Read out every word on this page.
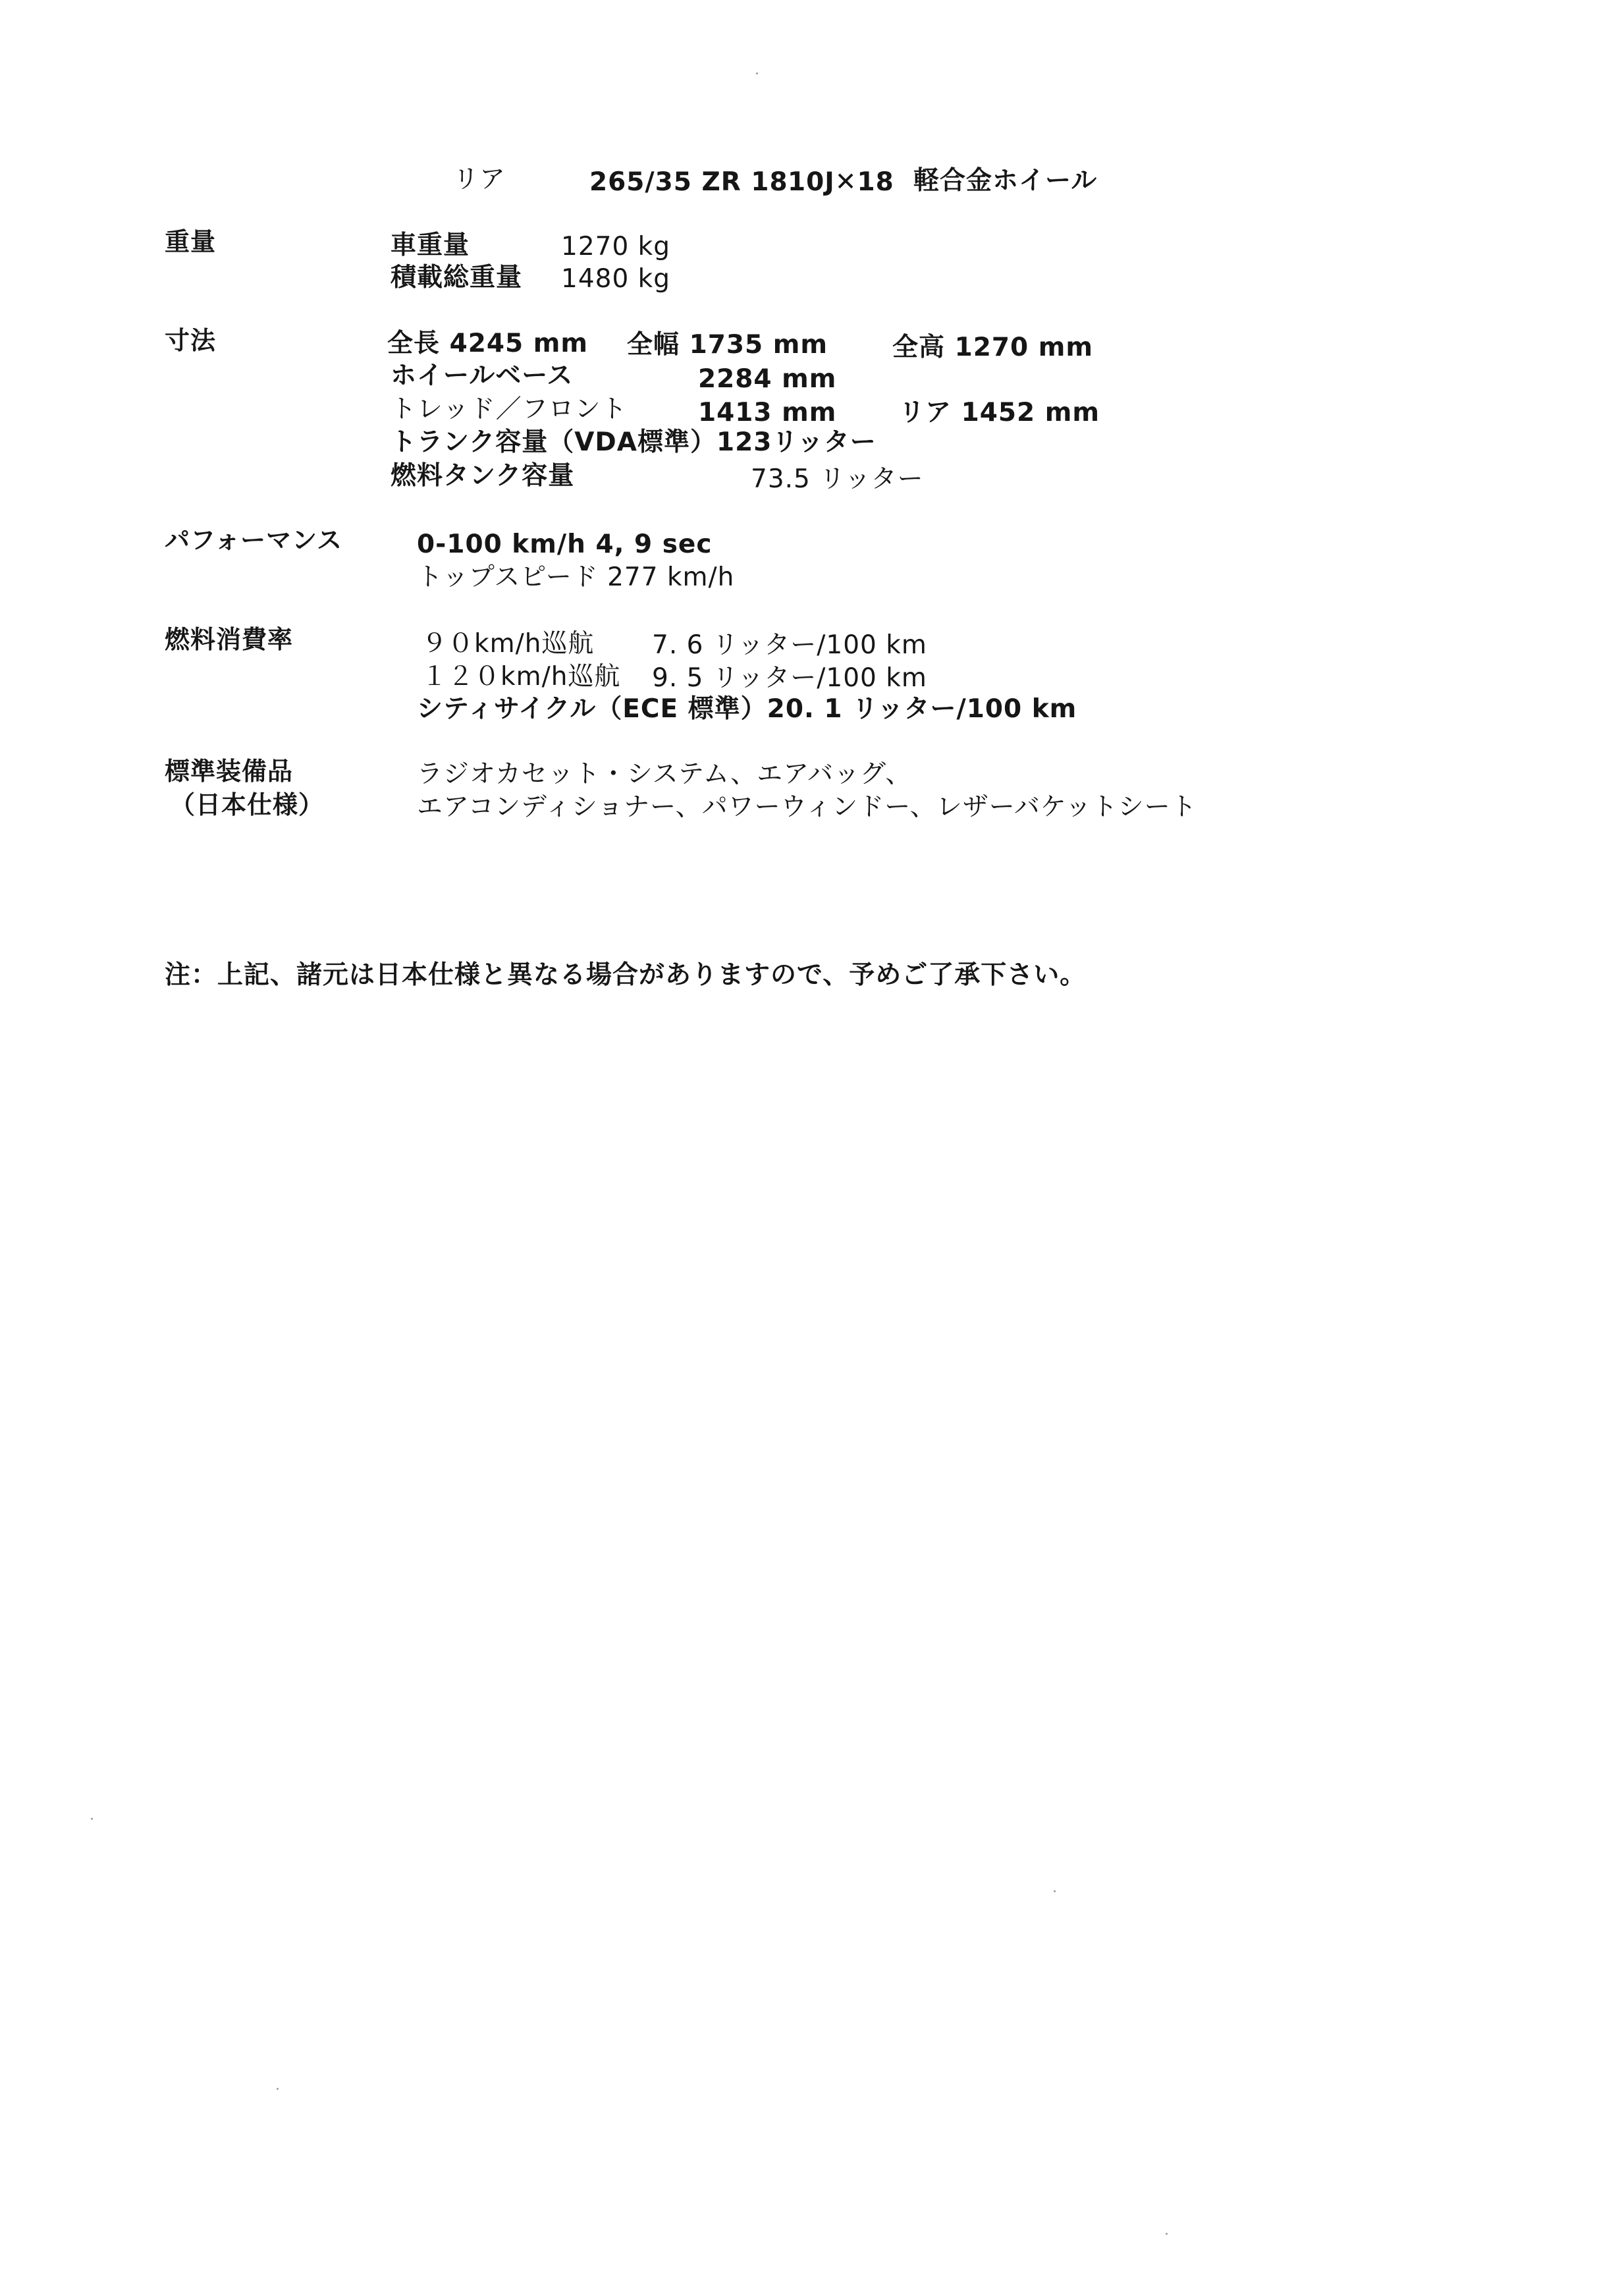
リア	265/35 ZR 18 10J✕18 軽合金ホイール
重量	車重量	1270 kg
積載総重量 1480 kg
寸法	全長 4245 mm 全幅 1735 mm	全高 1270 mm
ホイールベース	2284 mm
トレッド／フロント	1413 mm リア 1452 mm
トランク容量（VDA標準）123リッター
燃料タンク容量	73.5 リッター
パフォーマンス	0-100 km/h 4, 9 sec
トップスピード 277 km/h
燃料消費率	９０km/h巡航 7. 6 リッター/100 km
１２０km/h巡航 9. 5 リッター/100 km
シティサイクル（ECE 標準）20. 1 リッター/100 km
標準装備品
（日本仕様）
ラジオカセット・システム、エアバッグ、
エアコンディショナー、パワーウィンドー、レザーバケットシート
注：上記、諸元は日本仕様と異なる場合がありますので、予めご了承下さい。
